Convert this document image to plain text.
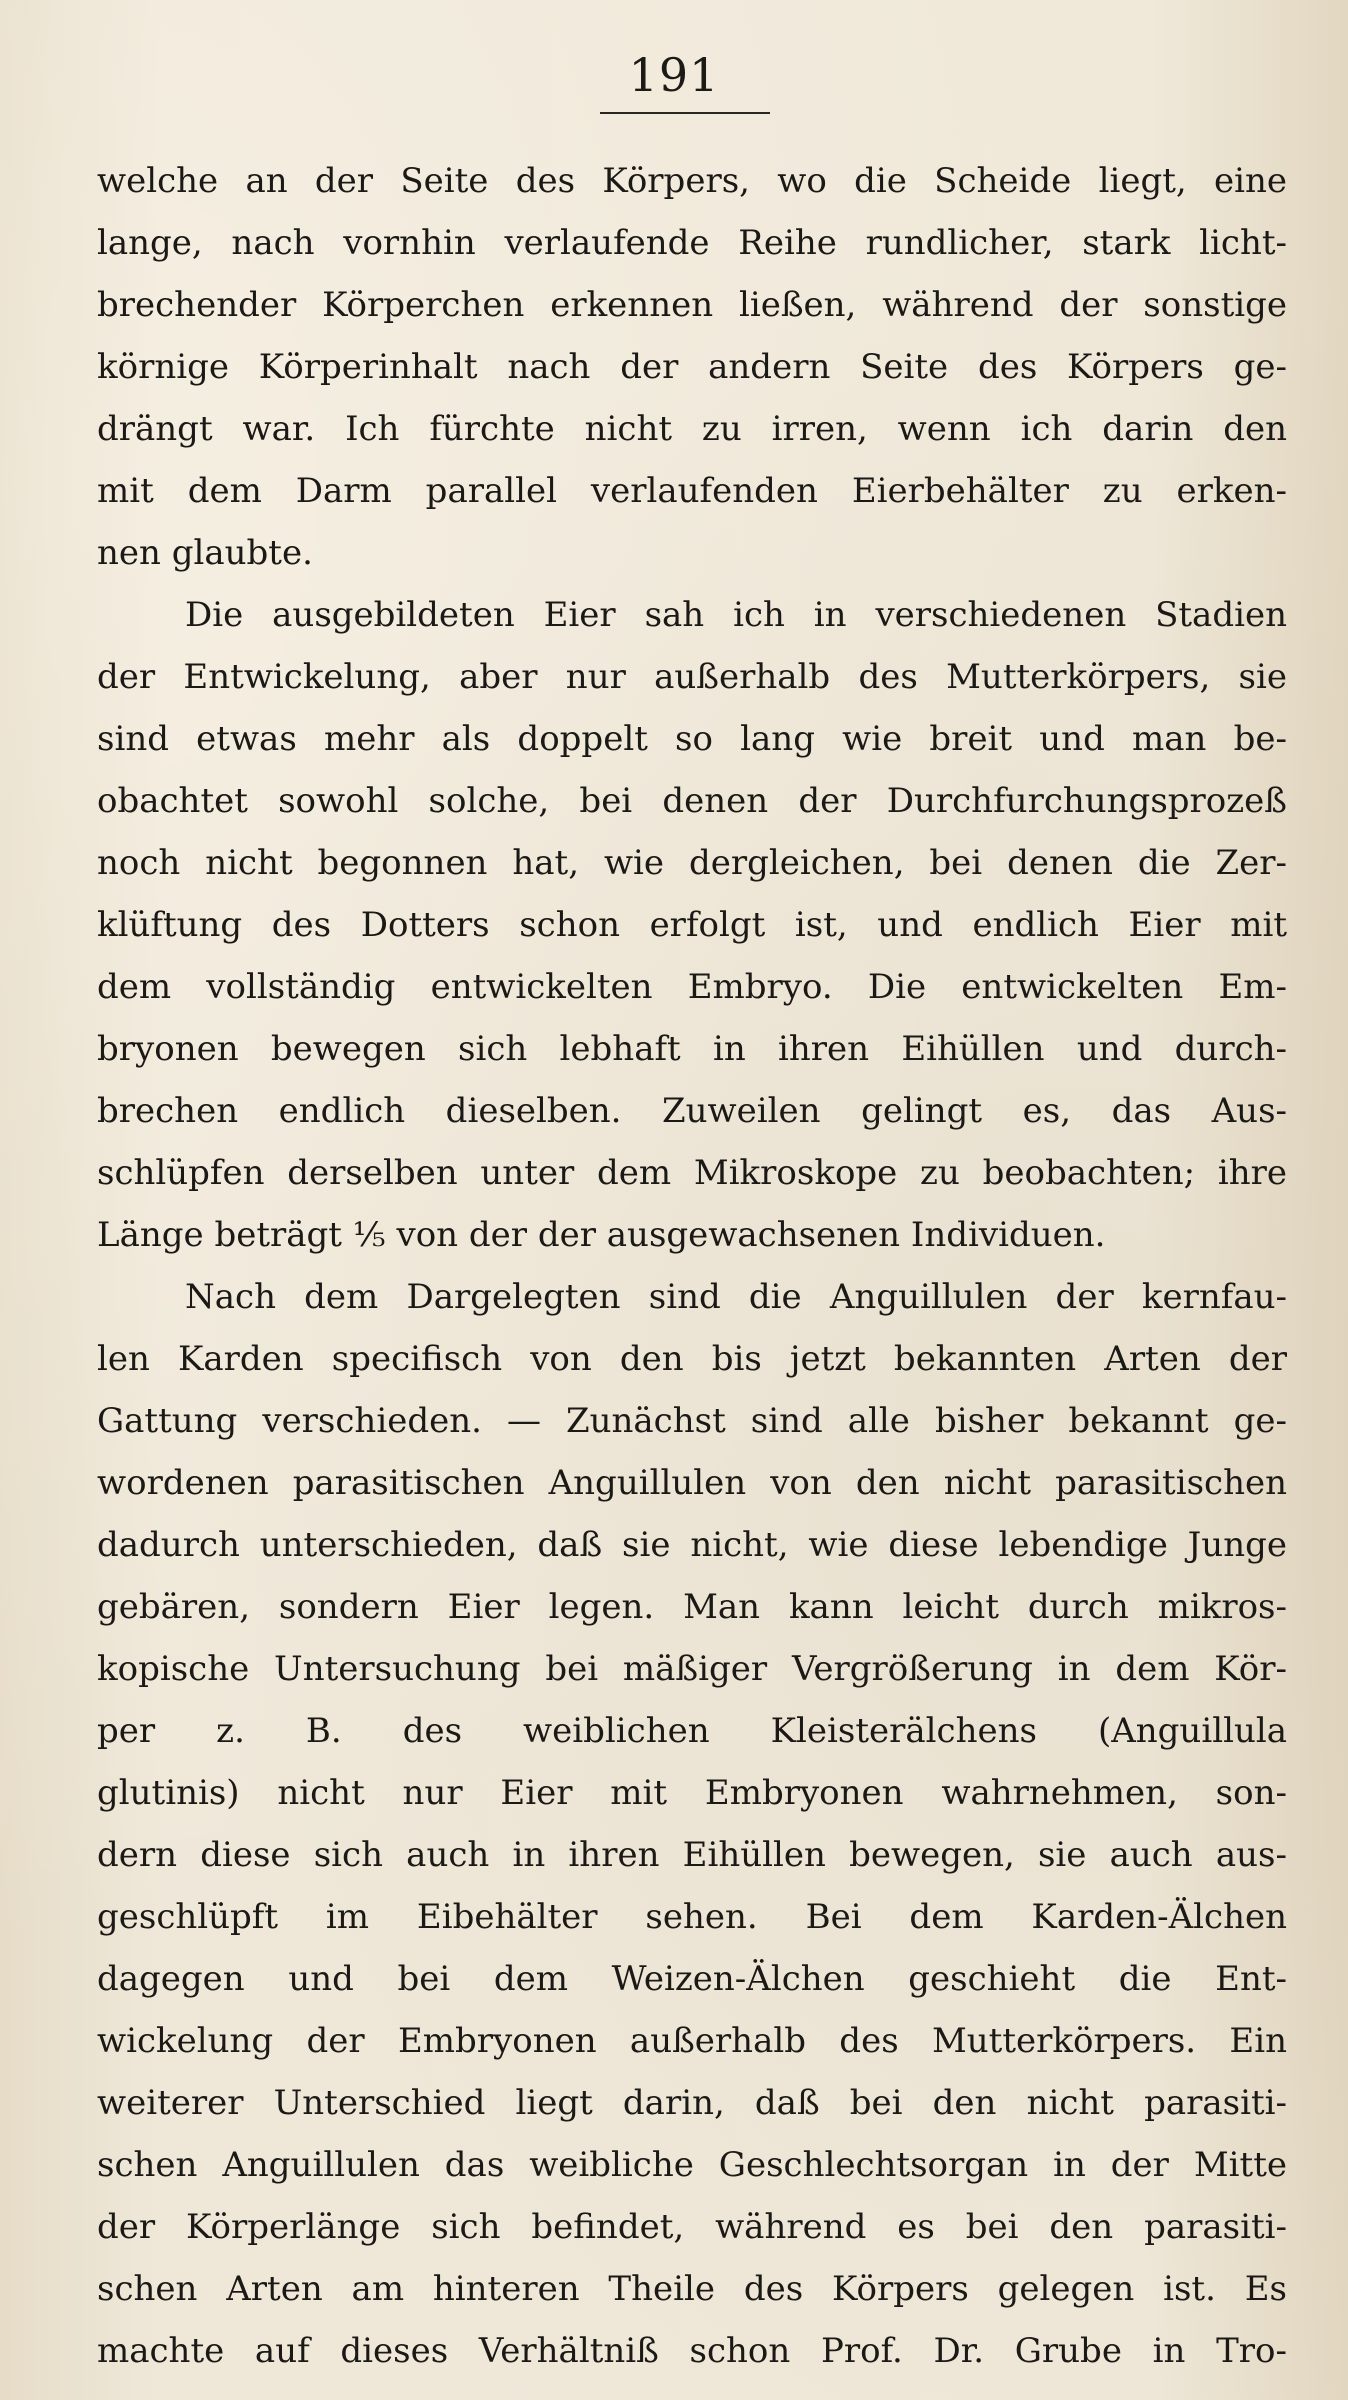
191
welche an der Seite des Körpers, wo die Scheide liegt, eine
lange, nach vornhin verlaufende Reihe rundlicher, stark licht-
brechender Körperchen erkennen ließen, während der sonstige
körnige Körperinhalt nach der andern Seite des Körpers ge-
drängt war. Ich fürchte nicht zu irren, wenn ich darin den
mit dem Darm parallel verlaufenden Eierbehälter zu erken-
nen glaubte.
Die ausgebildeten Eier sah ich in verschiedenen Stadien
der Entwickelung, aber nur außerhalb des Mutterkörpers, sie
sind etwas mehr als doppelt so lang wie breit und man be-
obachtet sowohl solche, bei denen der Durchfurchungsprozeß
noch nicht begonnen hat, wie dergleichen, bei denen die Zer-
klüftung des Dotters schon erfolgt ist, und endlich Eier mit
dem vollständig entwickelten Embryo. Die entwickelten Em-
bryonen bewegen sich lebhaft in ihren Eihüllen und durch-
brechen endlich dieselben. Zuweilen gelingt es, das Aus-
schlüpfen derselben unter dem Mikroskope zu beobachten; ihre
Länge beträgt ⅕ von der der ausgewachsenen Individuen.
Nach dem Dargelegten sind die Anguillulen der kernfau-
len Karden specifisch von den bis jetzt bekannten Arten der
Gattung verschieden. — Zunächst sind alle bisher bekannt ge-
wordenen parasitischen Anguillulen von den nicht parasitischen
dadurch unterschieden, daß sie nicht, wie diese lebendige Junge
gebären, sondern Eier legen. Man kann leicht durch mikros-
kopische Untersuchung bei mäßiger Vergrößerung in dem Kör-
per z. B. des weiblichen Kleisterälchens (Anguillula
glutinis) nicht nur Eier mit Embryonen wahrnehmen, son-
dern diese sich auch in ihren Eihüllen bewegen, sie auch aus-
geschlüpft im Eibehälter sehen. Bei dem Karden-Älchen
dagegen und bei dem Weizen-Älchen geschieht die Ent-
wickelung der Embryonen außerhalb des Mutterkörpers. Ein
weiterer Unterschied liegt darin, daß bei den nicht parasiti-
schen Anguillulen das weibliche Geschlechtsorgan in der Mitte
der Körperlänge sich befindet, während es bei den parasiti-
schen Arten am hinteren Theile des Körpers gelegen ist. Es
machte auf dieses Verhältniß schon Prof. Dr. Grube in Tro-
